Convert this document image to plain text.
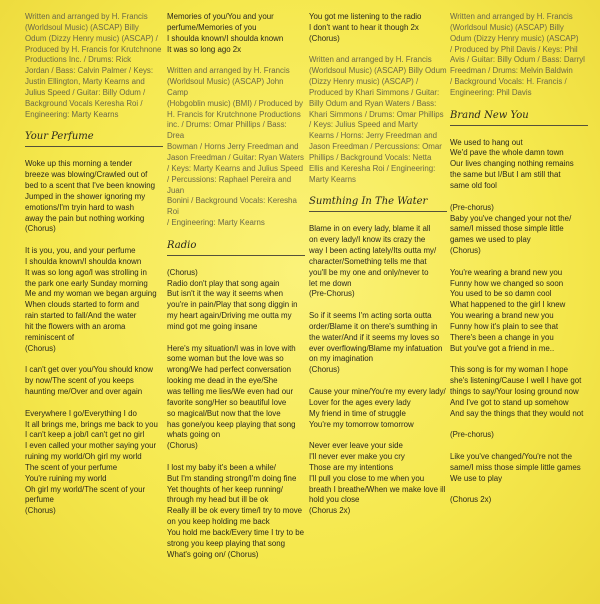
Written and arranged by H. Francis
(Worldsoul Music) (ASCAP) Billy
Odum (Dizzy Henry music) (ASCAP) /
Produced by H. Francis for Krutchnone
Productions Inc. / Drums: Rick
Jordan / Bass: Calvin Palmer / Keys:
Justin Ellington, Marty Kearns and
Julius Speed / Guitar: Billy Odum /
Background Vocals Keresha Roi /
Engineering: Marty Kearns

Your Perfume

Woke up this morning a tender
breeze was blowing/Crawled out of
bed to a scent that I've been knowing
Jumped in the shower ignoring my
emotions/I'm tryin hard to wash
away the pain but nothing working
(Chorus)

It is you, you, and your perfume
I shoulda known/I shoulda known
It was so long ago/I was strolling in
the park one early Sunday morning
Me and my woman we began arguing
When clouds started to form and
rain started to fall/And the water
hit the flowers with an aroma
reminiscent of
(Chorus)

I can't get over you/You should know
by now/The scent of you keeps
haunting me/Over and over again

Everywhere I go/Everything I do
It all brings me, brings me back to you
I can't keep a job/I can't get no girl
I even called your mother saying your
ruining my world/Oh girl my world
The scent of your perfume
You're ruining my world
Oh girl my world/The scent of your
perfume
(Chorus)

Memories of you/You and your
perfume/Memories of you
I shoulda known/I shoulda known
It was so long ago 2x

Written and arranged by H. Francis
(Worldsoul Music) (ASCAP) John Camp
(Hobgoblin music) (BMI) / Produced by
H. Francis for Krutchnone Productions
inc. / Drums: Omar Phillips / Bass: Drea
Bowman / Horns Jerry Freedman and
Jason Freedman / Guitar: Ryan Waters
/ Keys: Marty Kearns and Julius Speed
/ Percussions: Raphael Pereira and Juan
Bonini / Background Vocals: Keresha Roi
/ Engineering: Marty Kearns

Radio

(Chorus)
Radio don't play that song again
But isn't it the way it seems when
you're in pain/Play that song diggin in
my heart again/Driving me outta my
mind got me going insane

Here's my situation/I was in love with
some woman but the love was so
wrong/We had perfect conversation
looking me dead in the eye/She
was telling me lies/We even had our
favorite song/Her so beautiful love
so magical/But now that the love
has gone/you keep playing that song
whats going on
(Chorus)

I lost my baby it's been a while/
But I'm standing strong/I'm doing fine
Yet thoughts of her keep running/
through my head but ill be ok
Really ill be ok every time/I try to move
on you keep holding me back
You hold me back/Every time I try to be
strong you keep playing that song
What's going on/ (Chorus)

You got me listening to the radio
I don't want to hear it though 2x
(Chorus)

Written and arranged by H. Francis
(Worldsoul Music) (ASCAP) Billy Odum
(Dizzy Henry music) (ASCAP) /
Produced by Khari Simmons / Guitar:
Billy Odum and Ryan Waters / Bass:
Khari Simmons / Drums: Omar Phillips
/ Keys: Julius Speed and Marty
Kearns / Horns: Jerry Freedman and
Jason Freedman / Percussions: Omar
Phillips / Background Vocals: Netta
Ellis and Keresha Roi / Engineering:
Marty Kearns

Sumthing In The Water

Blame in on every lady, blame it all
on every lady/I know its crazy the
way I been acting lately/Its outta my/
character/Something tells me that
you'll be my one and only/never to
let me down
(Pre-Chorus)

So if it seems I'm acting sorta outta
order/Blame it on there's sumthing in
the water/And if it seems my loves so
ever overflowing/Blame my infatuation
on my imagination
(Chorus)

Cause your mine/You're my every lady/
Lover for the ages every lady
My friend in time of struggle
You're my tomorrow tomorrow

Never ever leave your side
I'll never ever make you cry
Those are my intentions
I'll pull you close to me when you
breath I breathe/When we make love ill
hold you close
(Chorus 2x)

Written and arranged by H. Francis
(Worldsoul Music) (ASCAP) Billy
Odum (Dizzy Henry music) (ASCAP)
/ Produced by Phil Davis / Keys: Phil
Avis / Guitar: Billy Odum / Bass: Darryl
Freedman / Drums: Melvin Baldwin
/ Background Vocals: H. Francis /
Engineering: Phil Davis

Brand New You

We used to hang out
We'd pave the whole damn town
Our lives changing nothing remains
the same but I/But I am still that
same old fool

(Pre-chorus)
Baby you've changed your not the/
same/I missed those simple little
games we used to play
(Chorus)

You're wearing a brand new you
Funny how we changed so soon
You used to be so damn cool
What happened to the girl I knew
You wearing a brand new you
Funny how it's plain to see that
There's been a change in you
But you've got a friend in me..

This song is for my woman I hope
she's listening/Cause I well I have got
things to say/Your losing ground now
And I've got to stand up somehow
And say the things that they would not

(Pre-chorus)

Like you've changed/You're not the
same/I miss those simple little games
We use to play

(Chorus 2x)
